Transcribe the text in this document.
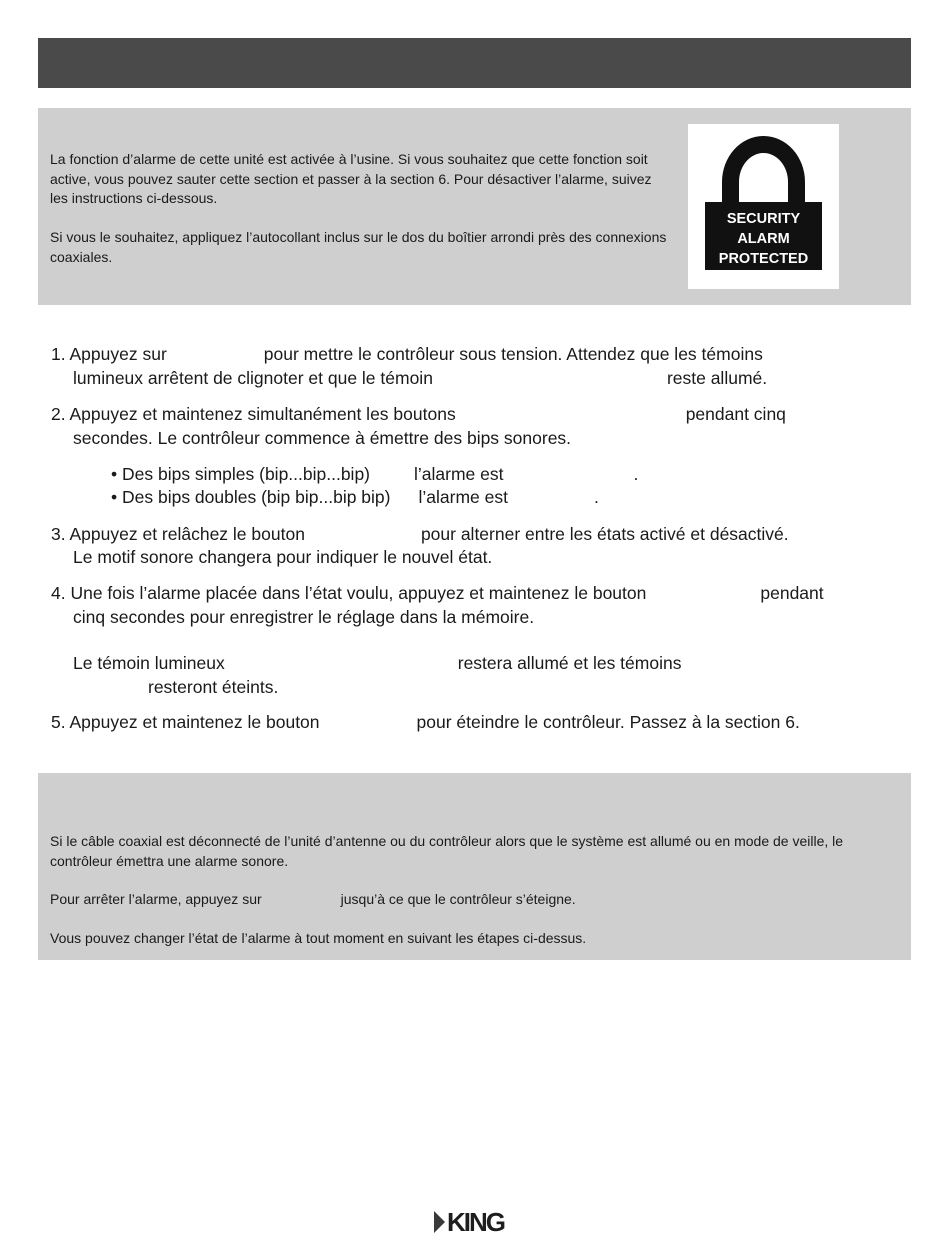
La fonction d’alarme de cette unité est activée à l’usine. Si vous souhaitez que cette fonction soit active, vous pouvez sauter cette section et passer à la section 6. Pour désactiver l’alarme, suivez les instructions ci-dessous.

Si vous le souhaitez, appliquez l’autocollant inclus sur le dos du boîtier arrondi près des connexions coaxiales.

SECURITY
ALARM
PROTECTED
1. Appuyez sur	pour mettre le contrôleur sous tension. Attendez que les témoins
lumineux arrêtent de clignoter et que le témoin	reste allumé.
2. Appuyez et maintenez simultanément les boutons	pendant cinq
secondes. Le contrôleur commence à émettre des bips sonores.
• Des bips simples (bip...bip...bip)	l’alarme est	.
• Des bips doubles (bip bip...bip bip) l’alarme est	.
3. Appuyez et relâchez le bouton	pour alterner entre les états activé et désactivé.
Le motif sonore changera pour indiquer le nouvel état.
4. Une fois l’alarme placée dans l’état voulu, appuyez et maintenez le bouton	pendant
cinq secondes pour enregistrer le réglage dans la mémoire.
Le témoin lumineux	restera allumé et les témoins
resteront éteints.
5. Appuyez et maintenez le bouton	pour éteindre le contrôleur. Passez à la section 6.

Si le câble coaxial est déconnecté de l’unité d’antenne ou du contrôleur alors que le système est allumé ou en mode de veille, le contrôleur émettra une alarme sonore.

Pour arrêter l’alarme, appuyez sur	jusqu’à ce que le contrôleur s’éteigne.

Vous pouvez changer l’état de l’alarme à tout moment en suivant les étapes ci-dessus.

KING
